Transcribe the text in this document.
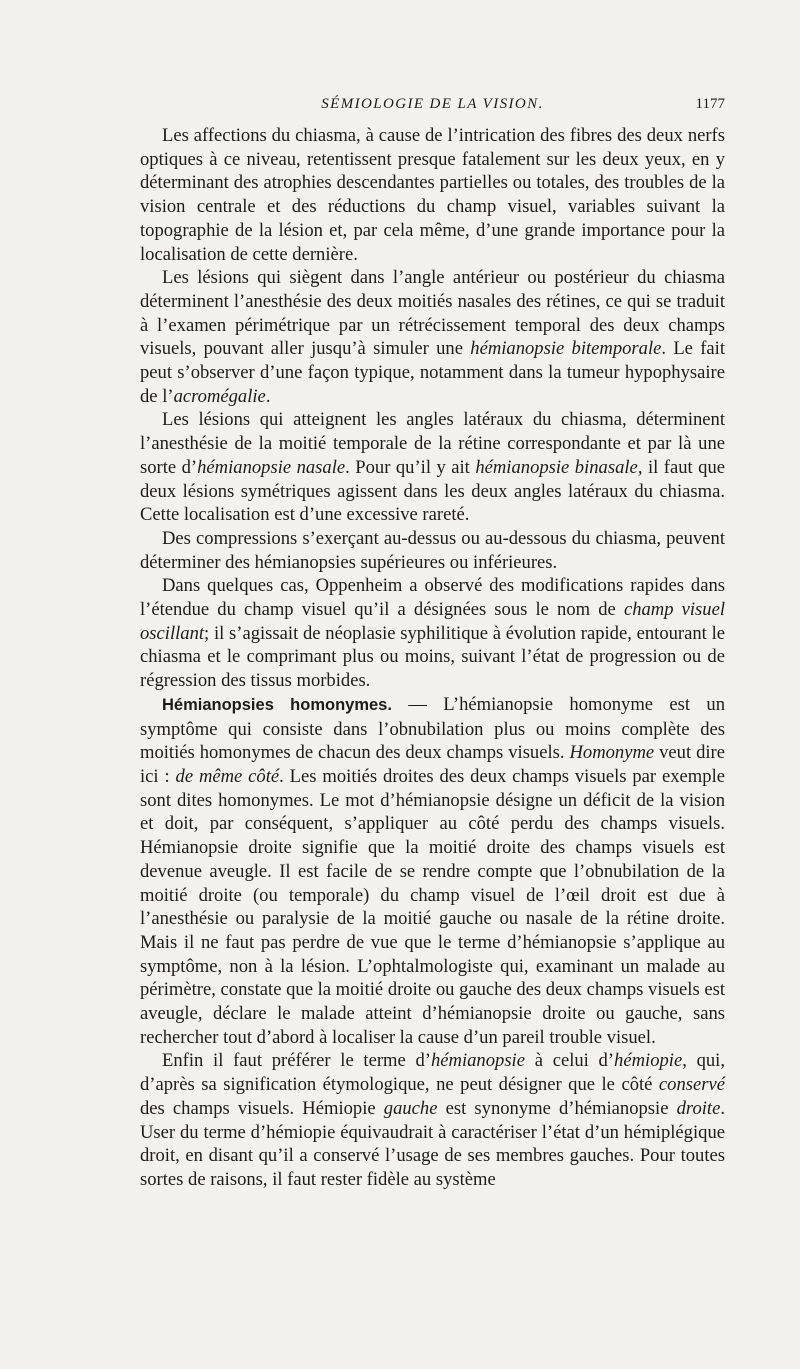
SÉMIOLOGIE DE LA VISION.	1177

Les affections du chiasma, à cause de l’intrication des fibres des deux nerfs optiques à ce niveau, retentissent presque fatalement sur les deux yeux, en y déterminant des atrophies descendantes partielles ou totales, des troubles de la vision centrale et des réductions du champ visuel, variables suivant la topographie de la lésion et, par cela même, d’une grande importance pour la localisation de cette dernière.

Les lésions qui siègent dans l’angle antérieur ou postérieur du chiasma déterminent l’anesthésie des deux moitiés nasales des rétines, ce qui se traduit à l’examen périmétrique par un rétrécissement temporal des deux champs visuels, pouvant aller jusqu’à simuler une hémianopsie bitemporale. Le fait peut s’observer d’une façon typique, notamment dans la tumeur hypophysaire de l’acromégalie.

Les lésions qui atteignent les angles latéraux du chiasma, déterminent l’anesthésie de la moitié temporale de la rétine correspondante et par là une sorte d’hémianopsie nasale. Pour qu’il y ait hémianopsie binasale, il faut que deux lésions symétriques agissent dans les deux angles latéraux du chiasma. Cette localisation est d’une excessive rareté.

Des compressions s’exerçant au-dessus ou au-dessous du chiasma, peuvent déterminer des hémianopsies supérieures ou inférieures.

Dans quelques cas, Oppenheim a observé des modifications rapides dans l’étendue du champ visuel qu’il a désignées sous le nom de champ visuel oscillant; il s’agissait de néoplasie syphilitique à évolution rapide, entourant le chiasma et le comprimant plus ou moins, suivant l’état de progression ou de régression des tissus morbides.

Hémianopsies homonymes. — L’hémianopsie homonyme est un symptôme qui consiste dans l’obnubilation plus ou moins complète des moitiés homonymes de chacun des deux champs visuels. Homonyme veut dire ici : de même côté. Les moitiés droites des deux champs visuels par exemple sont dites homonymes. Le mot d’hémianopsie désigne un déficit de la vision et doit, par conséquent, s’appliquer au côté perdu des champs visuels. Hémianopsie droite signifie que la moitié droite des champs visuels est devenue aveugle. Il est facile de se rendre compte que l’obnubilation de la moitié droite (ou temporale) du champ visuel de l’œil droit est due à l’anesthésie ou paralysie de la moitié gauche ou nasale de la rétine droite. Mais il ne faut pas perdre de vue que le terme d’hémianopsie s’applique au symptôme, non à la lésion. L’ophtalmologiste qui, examinant un malade au périmètre, constate que la moitié droite ou gauche des deux champs visuels est aveugle, déclare le malade atteint d’hémianopsie droite ou gauche, sans rechercher tout d’abord à localiser la cause d’un pareil trouble visuel.

Enfin il faut préférer le terme d’hémianopsie à celui d’hémiopie, qui, d’après sa signification étymologique, ne peut désigner que le côté conservé des champs visuels. Hémiopie gauche est synonyme d’hémianopsie droite. User du terme d’hémiopie équivaudrait à caractériser l’état d’un hémiplégique droit, en disant qu’il a conservé l’usage de ses membres gauches. Pour toutes sortes de raisons, il faut rester fidèle au système
